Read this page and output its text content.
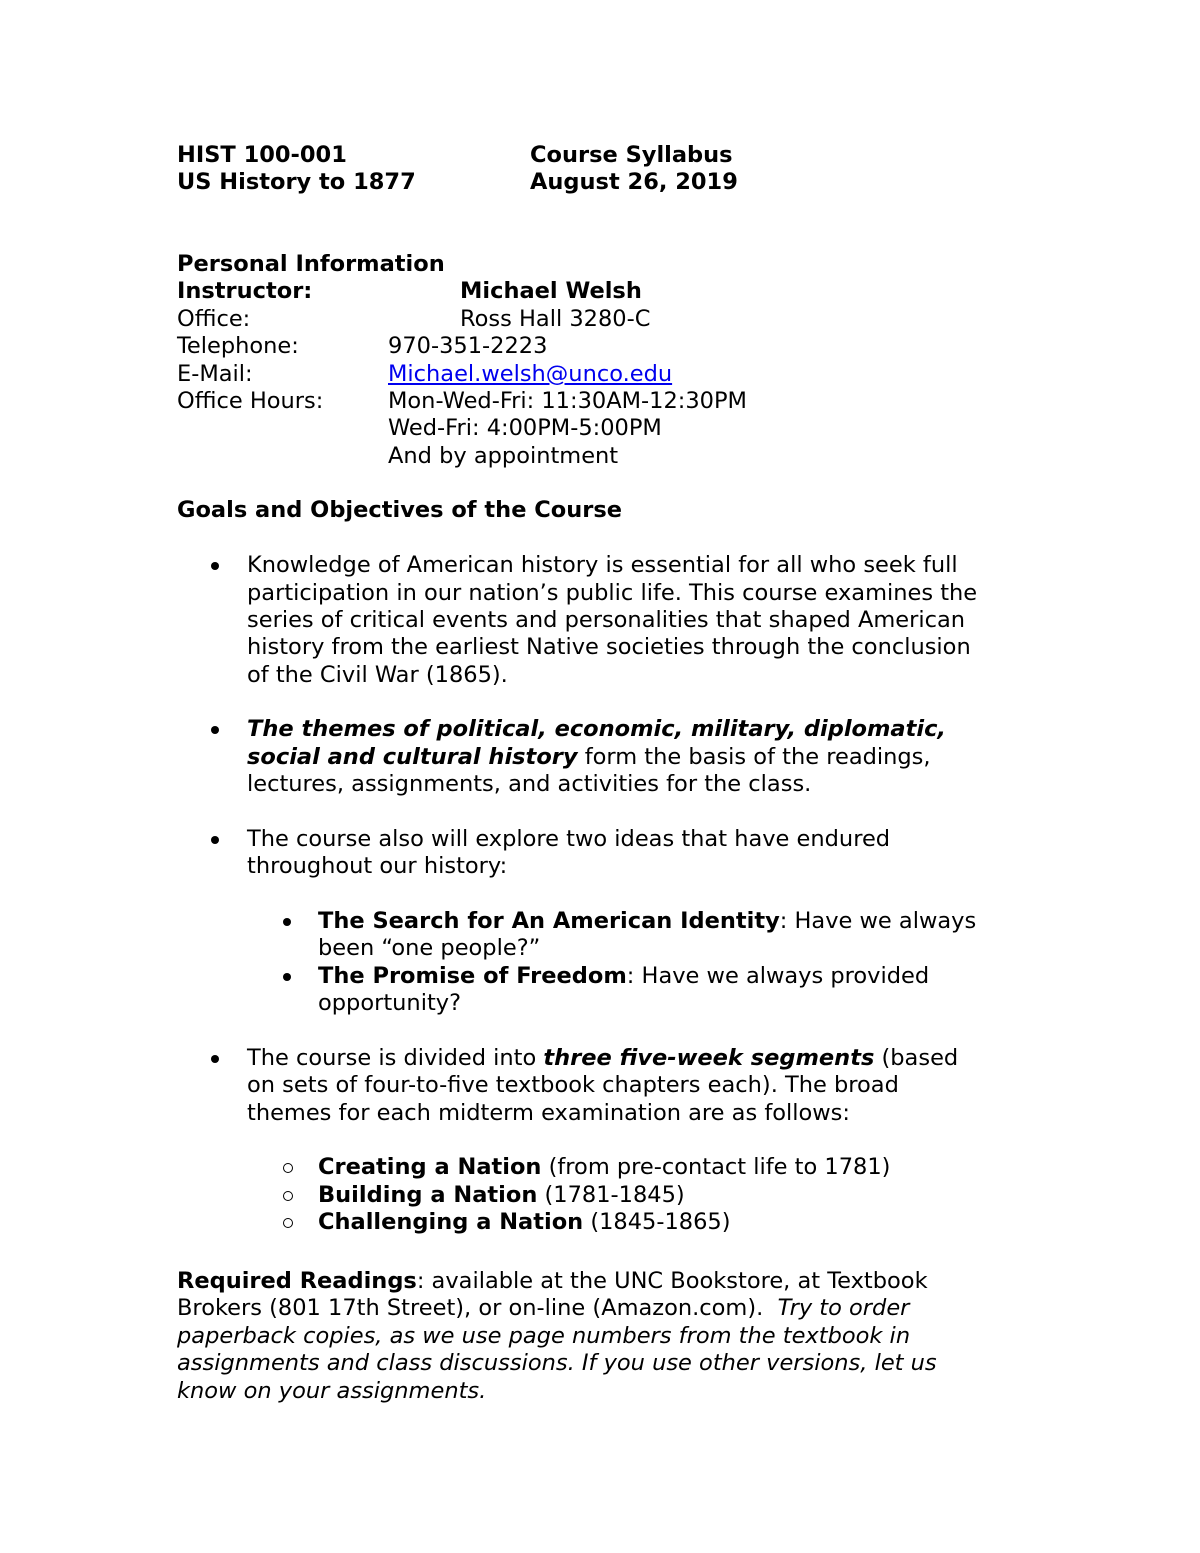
HIST 100-001	Course Syllabus
US History to 1877	August 26, 2019
Personal Information
Instructor:	Michael Welsh
Office:	Ross Hall 3280-C
Telephone:	970-351-2223
E-Mail:	Michael.welsh@unco.edu
Office Hours:	Mon-Wed-Fri: 11:30AM-12:30PM
Wed-Fri: 4:00PM-5:00PM
And by appointment
Goals and Objectives of the Course
Knowledge of American history is essential for all who seek full
participation in our nation’s public life. This course examines the
series of critical events and personalities that shaped American
history from the earliest Native societies through the conclusion
of the Civil War (1865).
The themes of political, economic, military, diplomatic,
social and cultural history form the basis of the readings,
lectures, assignments, and activities for the class.
The course also will explore two ideas that have endured
throughout our history:
The Search for An American Identity: Have we always
been “one people?”
The Promise of Freedom: Have we always provided
opportunity?
The course is divided into three five-week segments (based
on sets of four-to-five textbook chapters each). The broad
themes for each midterm examination are as follows:
Creating a Nation (from pre-contact life to 1781)
Building a Nation (1781-1845)
Challenging a Nation (1845-1865)
Required Readings: available at the UNC Bookstore, at Textbook
Brokers (801 17th Street), or on-line (Amazon.com).  Try to order
paperback copies, as we use page numbers from the textbook in
assignments and class discussions. If you use other versions, let us
know on your assignments.
